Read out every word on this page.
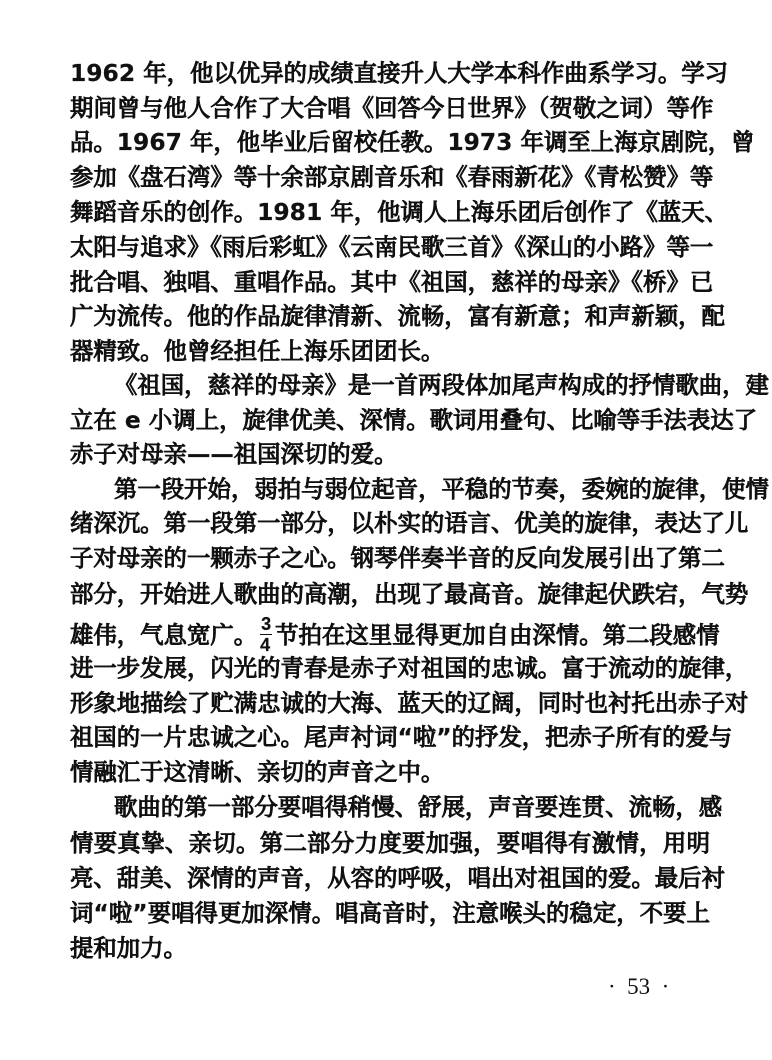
1962 年，他以优异的成绩直接升人大学本科作曲系学习。学习
期间曾与他人合作了大合唱《回答今日世界》（贺敬之词）等作
品。1967 年，他毕业后留校任教。1973 年调至上海京剧院，曾
参加《盘石湾》等十余部京剧音乐和《春雨新花》《青松赞》等
舞蹈音乐的创作。1981 年，他调人上海乐团后创作了《蓝天、
太阳与追求》《雨后彩虹》《云南民歌三首》《深山的小路》等一
批合唱、独唱、重唱作品。其中《祖国，慈祥的母亲》《桥》已
广为流传。他的作品旋律清新、流畅，富有新意；和声新颖，配
器精致。他曾经担任上海乐团团长。
《祖国，慈祥的母亲》是一首两段体加尾声构成的抒情歌曲，建
立在 e 小调上，旋律优美、深情。歌词用叠句、比喻等手法表达了
赤子对母亲——祖国深切的爱。
第一段开始，弱拍与弱位起音，平稳的节奏，委婉的旋律，使情
绪深沉。第一段第一部分，以朴实的语言、优美的旋律，表达了儿
子对母亲的一颗赤子之心。钢琴伴奏半音的反向发展引出了第二
部分，开始进人歌曲的高潮，出现了最高音。旋律起伏跌宕，气势
雄伟，气息宽广。 $\frac{3}{4}$ 节拍在这里显得更加自由深情。第二段感情
进一步发展，闪光的青春是赤子对祖国的忠诚。富于流动的旋律，
形象地描绘了贮满忠诚的大海、蓝天的辽阔，同时也衬托出赤子对
祖国的一片忠诚之心。尾声衬词“啦”的抒发，把赤子所有的爱与
情融汇于这清晰、亲切的声音之中。
歌曲的第一部分要唱得稍慢、舒展，声音要连贯、流畅，感
情要真挚、亲切。第二部分力度要加强，要唱得有激情，用明
亮、甜美、深情的声音，从容的呼吸，唱出对祖国的爱。最后衬
词“啦”要唱得更加深情。唱高音时，注意喉头的稳定，不要上
提和加力。
·  53  ·
